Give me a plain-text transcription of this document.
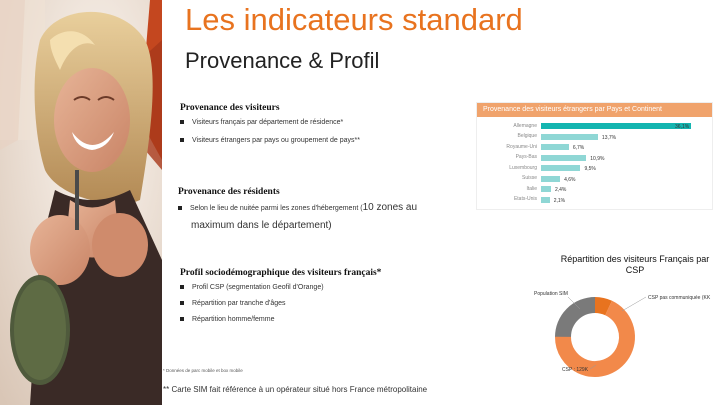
Les indicateurs standard
Provenance & Profil
Provenance des visiteurs
Visiteurs français par département de résidence*
Visiteurs étrangers par pays ou groupement de pays**
Provenance des résidents
Selon le lieu de nuitée parmi les zones d'hébergement (10 zones au
maximum dans le département)
Profil sociodémographique des visiteurs français*
Profil CSP (segmentation Geofil d'Orange)
Répartition par tranche d'âges
Répartition homme/femme
* Données de parc mobile et box mobile
** Carte SIM fait référence à un opérateur situé hors France métropolitaine
Provenance des visiteurs étrangers par Pays et Continent
Allemagne	36,1%
Belgique	13,7%
Royaume-Uni	6,7%
Pays-Bas	10,9%
Luxembourg	9,5%
Suisse	4,6%
Italie	2,4%
Etats-Unis	2,1%
Répartition des visiteurs Français par CSP
Population SIM
CSP pas communiquée (KK
CSP : 129K
